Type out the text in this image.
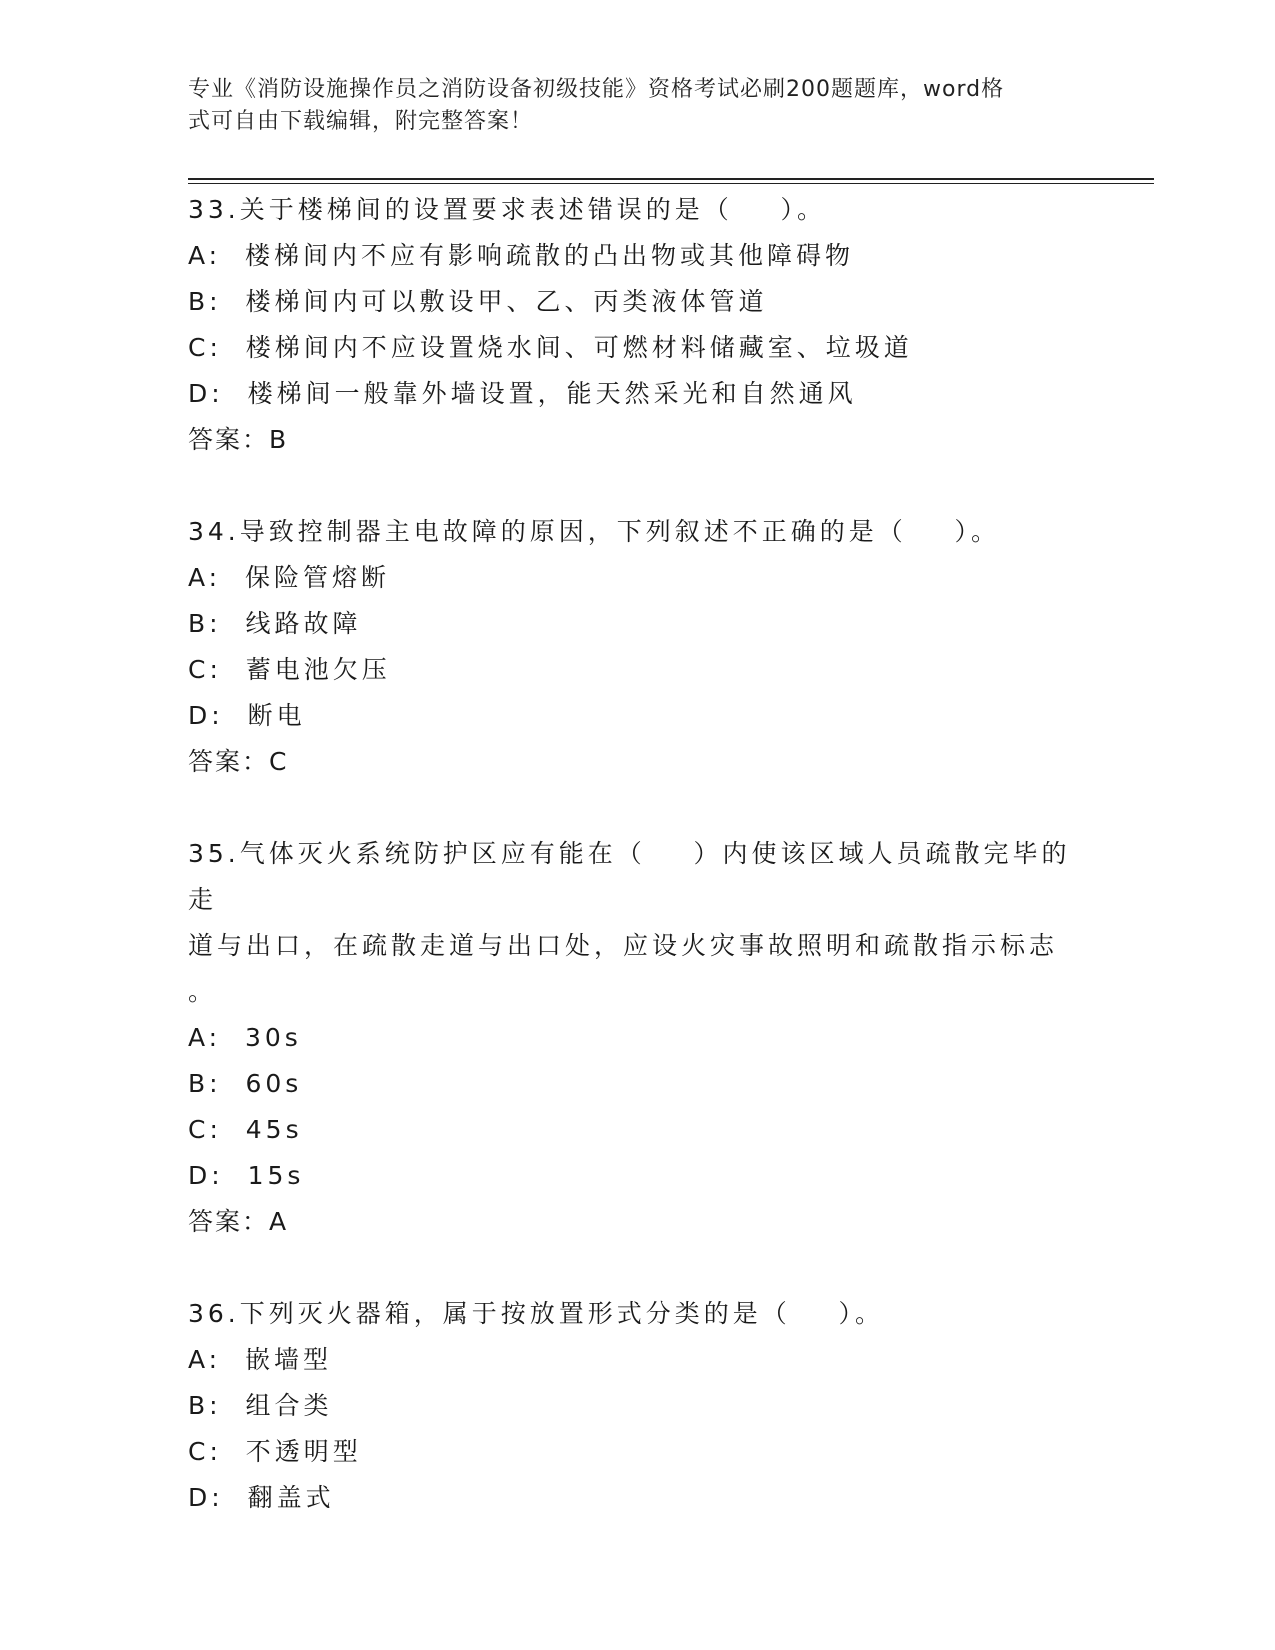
专业《消防设施操作员之消防设备初级技能》资格考试必刷200题题库，word格
式可自由下载编辑，附完整答案！
33.关于楼梯间的设置要求表述错误的是（    ）。
A:  楼梯间内不应有影响疏散的凸出物或其他障碍物
B:  楼梯间内可以敷设甲、乙、丙类液体管道
C:  楼梯间内不应设置烧水间、可燃材料储藏室、垃圾道
D:  楼梯间一般靠外墙设置，能天然采光和自然通风
答案：B
34.导致控制器主电故障的原因，下列叙述不正确的是（    ）。
A:  保险管熔断
B:  线路故障
C:  蓄电池欠压
D:  断电
答案：C
35.气体灭火系统防护区应有能在（    ）内使该区域人员疏散完毕的走
道与出口，在疏散走道与出口处，应设火灾事故照明和疏散指示标志
。
A:  30s
B:  60s
C:  45s
D:  15s
答案：A
36.下列灭火器箱，属于按放置形式分类的是（    ）。
A:  嵌墙型
B:  组合类
C:  不透明型
D:  翻盖式
